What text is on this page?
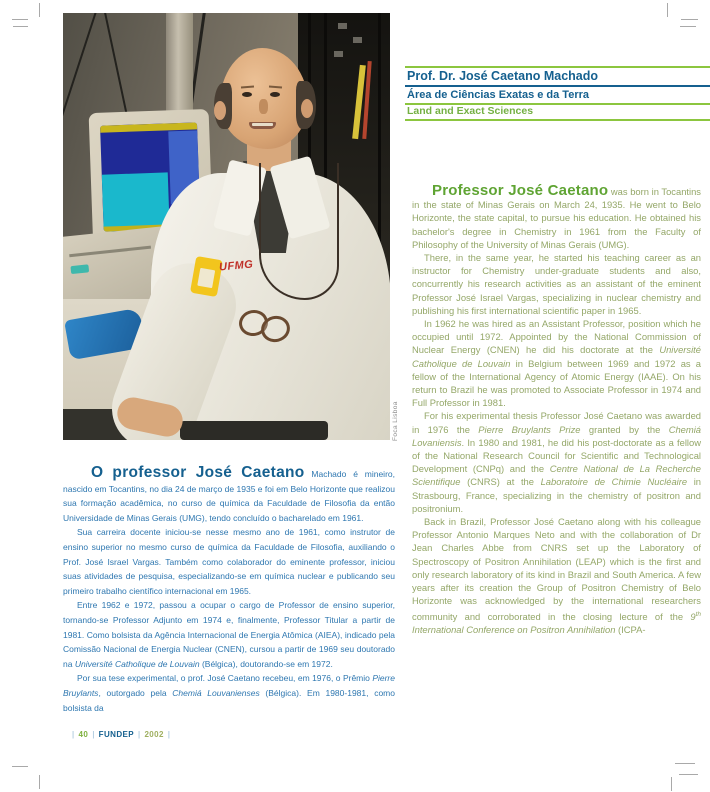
UFMG
Foca Lisboa
Prof. Dr. José Caetano Machado
Área de Ciências Exatas e da Terra
Land and Exact Sciences

Professor José Caetano was born in Tocantins in the state of Minas Gerais on March 24, 1935. He went to Belo Horizonte, the state capital, to pursue his education. He obtained his bachelor's degree in Chemistry in 1961 from the Faculty of Philosophy of the University of Minas Gerais (UMG).

There, in the same year, he started his teaching career as an instructor for Chemistry under-graduate students and also, concurrently his research activities as an assistant of the eminent Professor José Israel Vargas, specializing in nuclear chemistry and publishing his first international scientific paper in 1965.

In 1962 he was hired as an Assistant Professor, position which he occupied until 1972. Appointed by the National Commission of Nuclear Energy (CNEN) he did his doctorate at the Université Catholique de Louvain in Belgium between 1969 and 1972 as a fellow of the International Agency of Atomic Energy (IAAE). On his return to Brazil he was promoted to Associate Professor in 1974 and Full Professor in 1981.

For his experimental thesis Professor José Caetano was awarded in 1976 the Pierre Bruylants Prize granted by the Chemiá Lovaniensis. In 1980 and 1981, he did his post-doctorate as a fellow of the National Research Council for Scientific and Technological Development (CNPq) and the Centre National de La Recherche Scientifique (CNRS) at the Laboratoire de Chimie Nucléaire in Strasbourg, France, specializing in the chemistry of positron and positronium.

Back in Brazil, Professor José Caetano along with his colleague Professor Antonio Marques Neto and with the collaboration of Dr Jean Charles Abbe from CNRS set up the Laboratory of Spectroscopy of Positron Annihilation (LEAP) which is the first and only research laboratory of its kind in Brazil and South America. A few years after its creation the Group of Positron Chemistry of Belo Horizonte was acknowledged by the international researchers community and corroborated in the closing lecture of the 9th International Conference on Positron Annihilation (ICPA-

O professor José Caetano Machado é mineiro, nascido em Tocantins, no dia 24 de março de 1935 e foi em Belo Horizonte que realizou sua formação acadêmica, no curso de química da Faculdade de Filosofia da então Universidade de Minas Gerais (UMG), tendo concluído o bacharelado em 1961.

Sua carreira docente iniciou-se nesse mesmo ano de 1961, como instrutor de ensino superior no mesmo curso de química da Faculdade de Filosofia, auxiliando o Prof. José Israel Vargas. Também como colaborador do eminente professor, iniciou suas atividades de pesquisa, especializando-se em química nuclear e publicando seu primeiro trabalho científico internacional em 1965.

Entre 1962 e 1972, passou a ocupar o cargo de Professor de ensino superior, tornando-se Professor Adjunto em 1974 e, finalmente, Professor Titular a partir de 1981. Como bolsista da Agência Internacional de Energia Atômica (AIEA), indicado pela Comissão Nacional de Energia Nuclear (CNEN), cursou a partir de 1969 seu doutorado na Université Catholique de Louvain (Bélgica), doutorando-se em 1972.

Por sua tese experimental, o prof. José Caetano recebeu, em 1976, o Prêmio Pierre Bruylants, outorgado pela Chemiá Louvanienses (Bélgica). Em 1980-1981, como bolsista da

| 40 | FUNDEP | 2002 |
